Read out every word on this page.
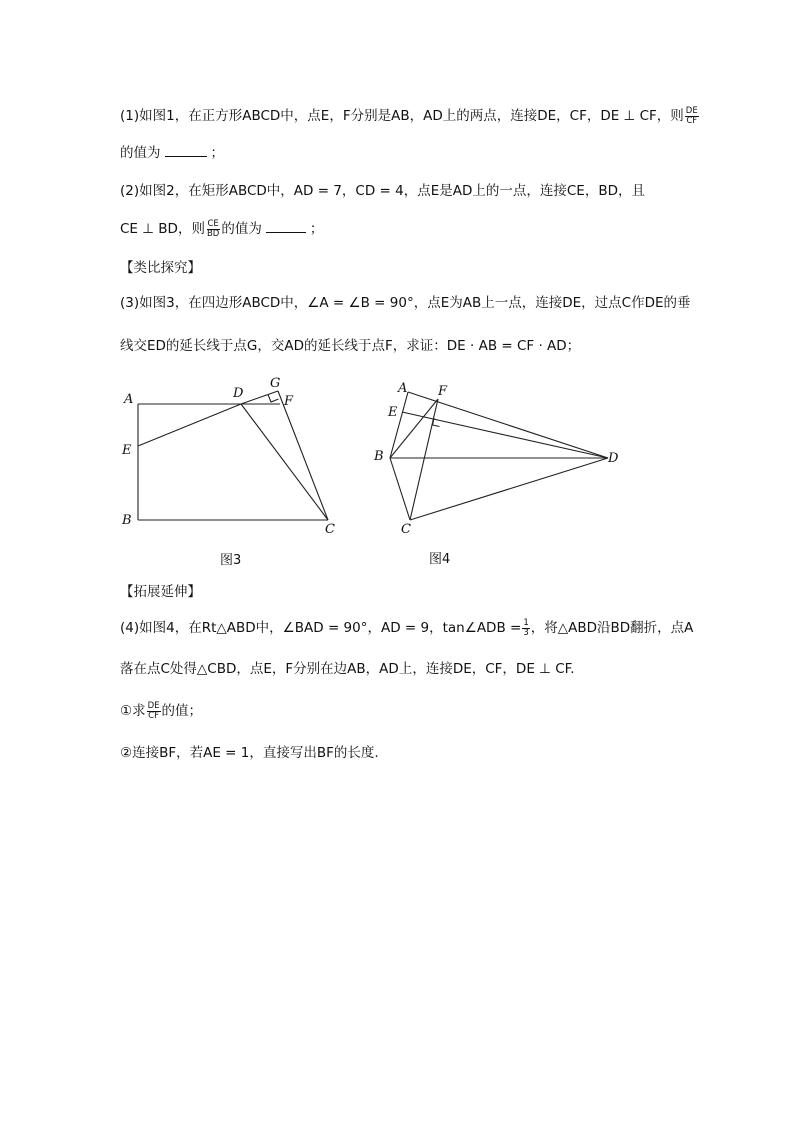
(1)如图1，在正方形ABCD中，点E，F分别是AB，AD上的两点，连接DE，CF，DE ⊥ CF，则 $\frac{DE}{CF}$
的值为	；
(2)如图2，在矩形ABCD中，AD = 7，CD = 4，点E是AD上的一点，连接CE，BD，且
CE ⊥ BD，则 $\frac{CE}{BD}$ 的值为	；
【类比探究】
(3)如图3，在四边形ABCD中，∠A = ∠B = 90°，点E为AB上一点，连接DE，过点C作DE的垂
线交ED的延长线于点G，交AD的延长线于点F，求证：DE · AB = CF · AD；
A
E
B
C
D
G
F
图3
A F
E
B	D
C
图4
【拓展延伸】
(4)如图4，在Rt△ABD中，∠BAD = 90°，AD = 9，tan∠ADB = $\frac{1}{3}$ ，将△ABD沿BD翻折，点A
落在点C处得△CBD，点E，F分别在边AB，AD上，连接DE，CF，DE ⊥ CF.
①求 $\frac{DE}{CF}$ 的值；
②连接BF，若AE = 1，直接写出BF的长度.
